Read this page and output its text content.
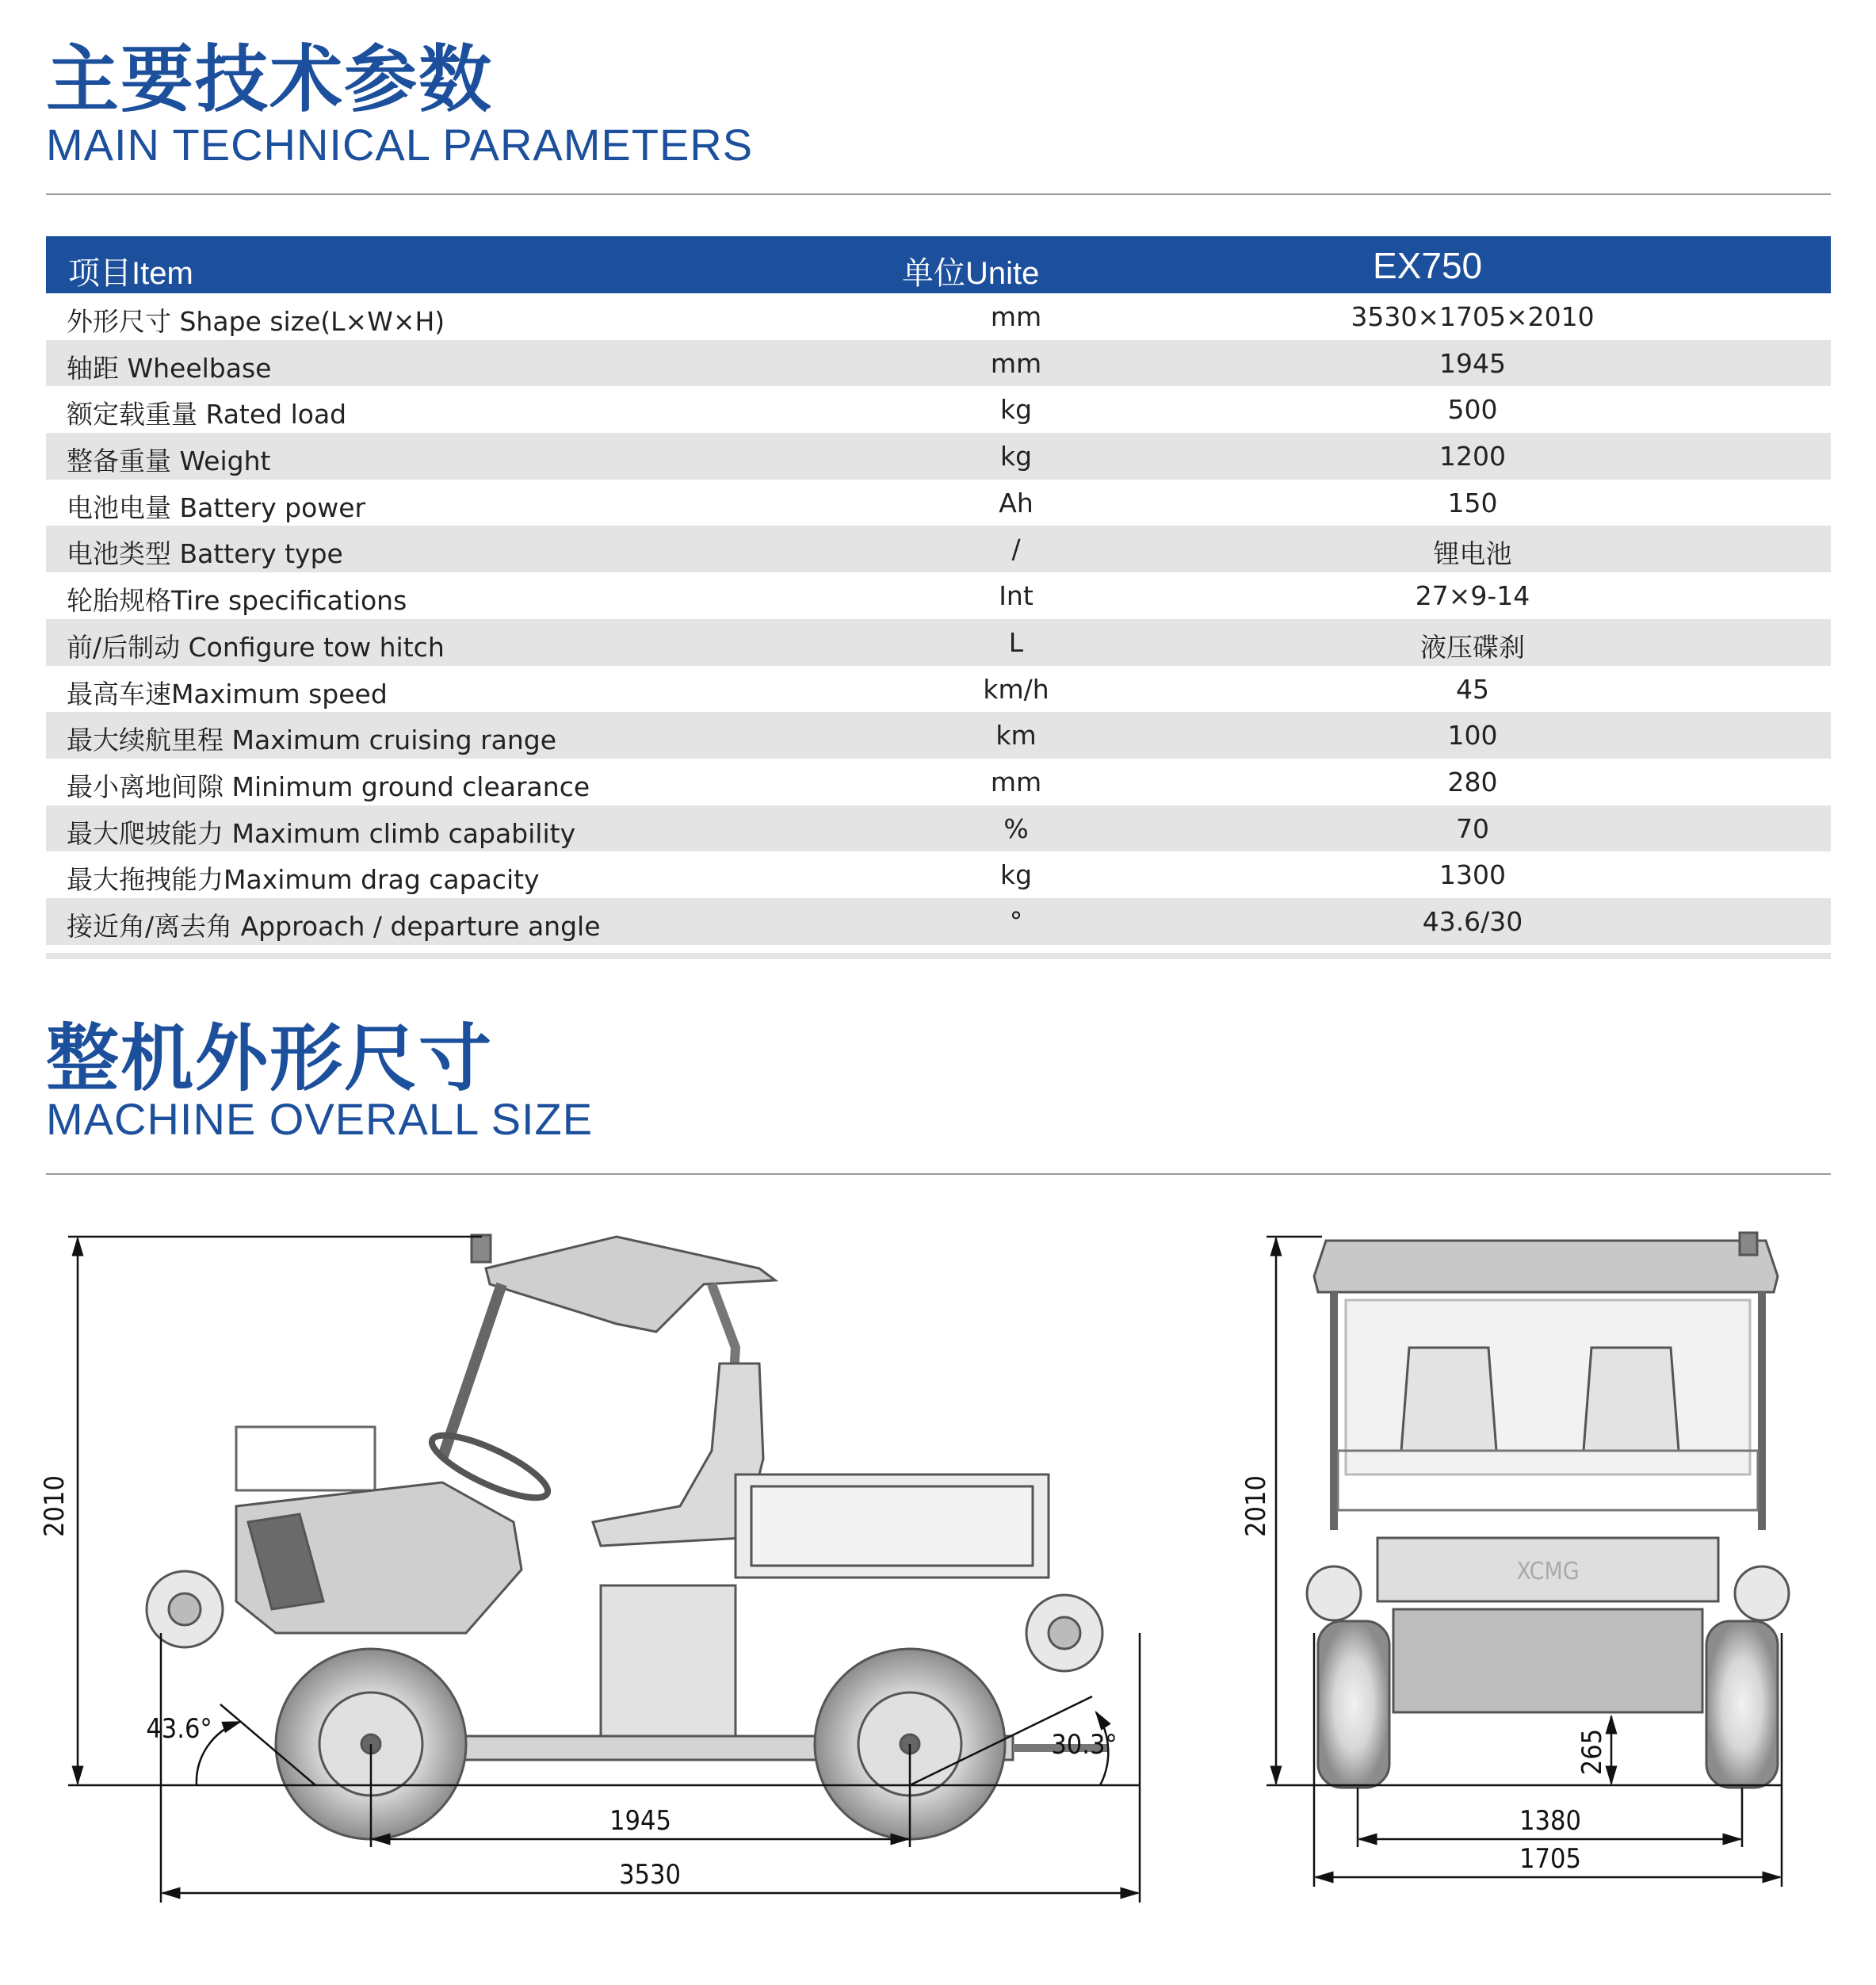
主要技术参数
MAIN TECHNICAL PARAMETERS
项目Item	单位Unite	EX750
外形尺寸 Shape size(L×W×H)	mm	3530×1705×2010
轴距 Wheelbase	mm	1945
额定载重量 Rated load	kg	500
整备重量 Weight	kg	1200
电池电量 Battery power	Ah	150
电池类型 Battery type	/	锂电池
轮胎规格Tire specifications	Int	27×9-14
前/后制动 Configure tow hitch	L	液压碟刹
最高车速Maximum speed	km/h	45
最大续航里程 Maximum cruising range	km	100
最小离地间隙 Minimum ground clearance	mm	280
最大爬坡能力 Maximum climb capability	%	70
最大拖拽能力Maximum drag capacity	kg	1300
接近角/离去角 Approach / departure angle	°	43.6/30
整机外形尺寸
MACHINE OVERALL SIZE
2010
1945
3530
43.6°	30.3°
XCMG
2010
265
1380
1705
